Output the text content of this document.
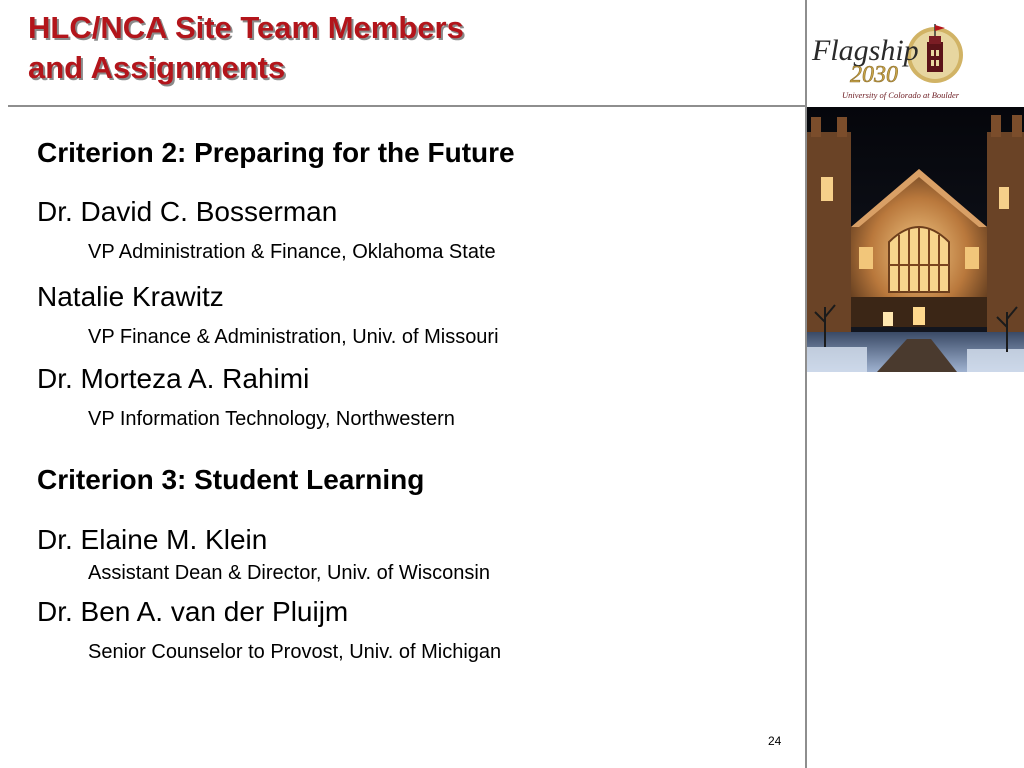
HLC/NCA Site Team Members
and Assignments	Flagship
2030
University of Colorado at Boulder
Criterion 2: Preparing for the Future
Dr. David C. Bosserman
VP Administration & Finance, Oklahoma State
Natalie Krawitz
VP Finance & Administration, Univ. of Missouri
Dr. Morteza A. Rahimi
VP Information Technology, Northwestern
Criterion 3: Student Learning
Dr. Elaine M. Klein
Assistant Dean & Director, Univ. of Wisconsin
Dr. Ben A. van der Pluijm
Senior Counselor to Provost, Univ. of Michigan
24
